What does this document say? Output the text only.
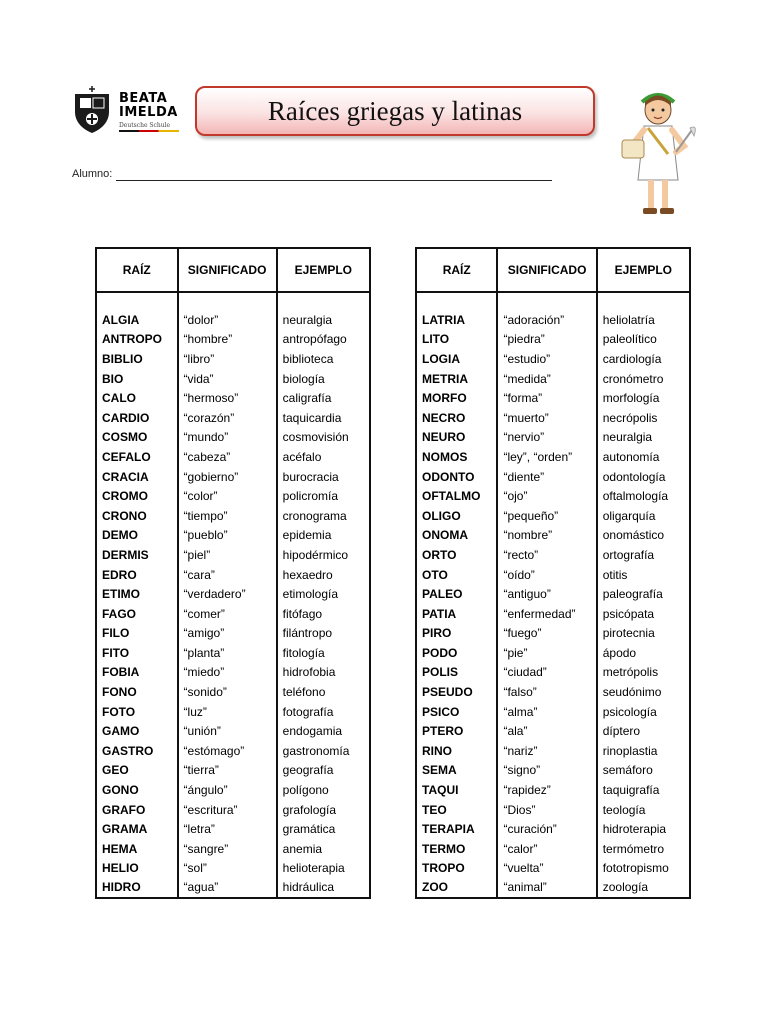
BEATA
IMELDA
Deutsche Schule	Raíces griegas y latinas
Alumno:
RAÍZ	SIGNIFICADO	EJEMPLO

ALGIA	“dolor”	neuralgia
ANTROPO	“hombre”	antropófago
BIBLIO	“libro”	biblioteca
BIO	“vida”	biología
CALO	“hermoso”	caligrafía
CARDIO	“corazón”	taquicardia
COSMO	“mundo”	cosmovisión
CEFALO	“cabeza”	acéfalo
CRACIA	“gobierno”	burocracia
CROMO	“color”	policromía
CRONO	“tiempo”	cronograma
DEMO	“pueblo”	epidemia
DERMIS	“piel”	hipodérmico
EDRO	“cara”	hexaedro
ETIMO	“verdadero”	etimología
FAGO	“comer”	fitófago
FILO	“amigo”	filántropo
FITO	“planta”	fitología
FOBIA	“miedo”	hidrofobia
FONO	“sonido”	teléfono
FOTO	“luz”	fotografía
GAMO	“unión”	endogamia
GASTRO	“estómago”	gastronomía
GEO	“tierra”	geografía
GONO	“ángulo”	polígono
GRAFO	“escritura”	grafología
GRAMA	“letra”	gramática
HEMA	“sangre”	anemia
HELIO	“sol”	helioterapia
HIDRO	“agua”	hidráulica
RAÍZ	SIGNIFICADO	EJEMPLO

LATRIA	“adoración”	heliolatría
LITO	“piedra”	paleolítico
LOGIA	“estudio”	cardiología
METRIA	“medida”	cronómetro
MORFO	“forma”	morfología
NECRO	“muerto”	necrópolis
NEURO	“nervio”	neuralgia
NOMOS	“ley”, “orden”	autonomía
ODONTO	“diente”	odontología
OFTALMO	“ojo”	oftalmología
OLIGO	“pequeño”	oligarquía
ONOMA	“nombre”	onomástico
ORTO	“recto”	ortografía
OTO	“oído”	otitis
PALEO	“antiguo”	paleografía
PATIA	“enfermedad”	psicópata
PIRO	“fuego”	pirotecnia
PODO	“pie”	ápodo
POLIS	“ciudad”	metrópolis
PSEUDO	“falso”	seudónimo
PSICO	“alma”	psicología
PTERO	“ala”	díptero
RINO	“nariz”	rinoplastia
SEMA	“signo”	semáforo
TAQUI	“rapidez”	taquigrafía
TEO	“Dios”	teología
TERAPIA	“curación”	hidroterapia
TERMO	“calor”	termómetro
TROPO	“vuelta”	fototropismo
ZOO	“animal”	zoología
